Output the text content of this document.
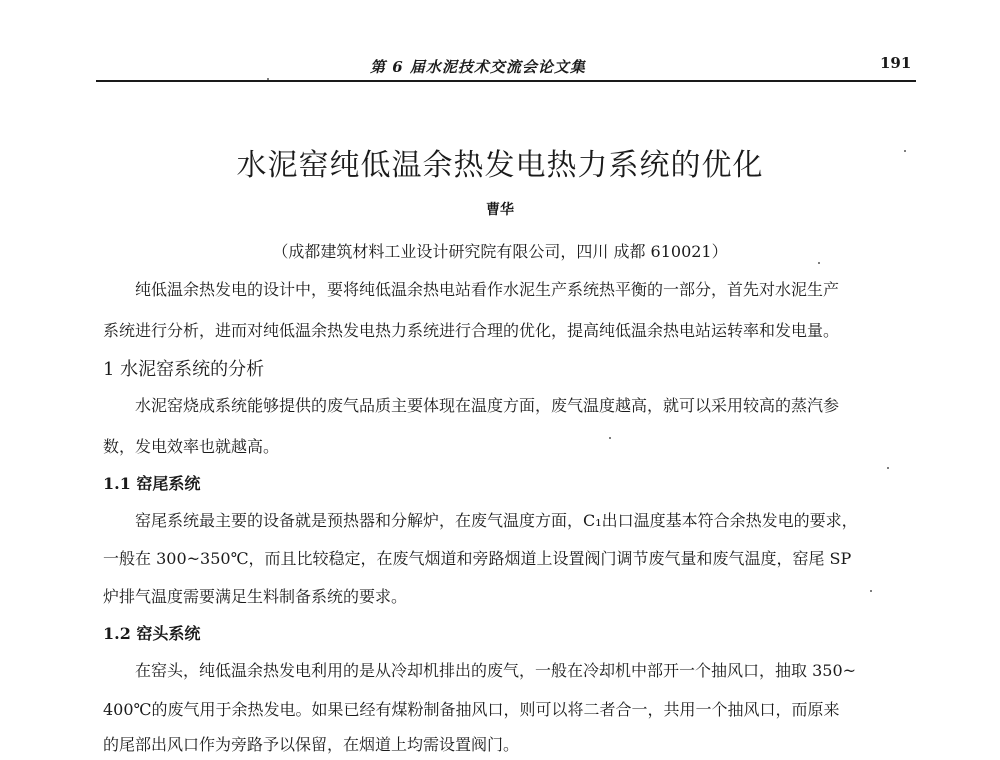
第 6 届水泥技术交流会论文集	191
水泥窑纯低温余热发电热力系统的优化
曹华
（成都建筑材料工业设计研究院有限公司，四川 成都 610021）
纯低温余热发电的设计中，要将纯低温余热电站看作水泥生产系统热平衡的一部分，首先对水泥生产
系统进行分析，进而对纯低温余热发电热力系统进行合理的优化，提高纯低温余热电站运转率和发电量。
1 水泥窑系统的分析
水泥窑烧成系统能够提供的废气品质主要体现在温度方面，废气温度越高，就可以采用较高的蒸汽参
数，发电效率也就越高。
1.1 窑尾系统
窑尾系统最主要的设备就是预热器和分解炉，在废气温度方面，C₁出口温度基本符合余热发电的要求，
一般在 300~350℃，而且比较稳定，在废气烟道和旁路烟道上设置阀门调节废气量和废气温度，窑尾 SP
炉排气温度需要满足生料制备系统的要求。
1.2 窑头系统
在窑头，纯低温余热发电利用的是从冷却机排出的废气，一般在冷却机中部开一个抽风口，抽取 350~
400℃的废气用于余热发电。如果已经有煤粉制备抽风口，则可以将二者合一，共用一个抽风口，而原来
的尾部出风口作为旁路予以保留，在烟道上均需设置阀门。
